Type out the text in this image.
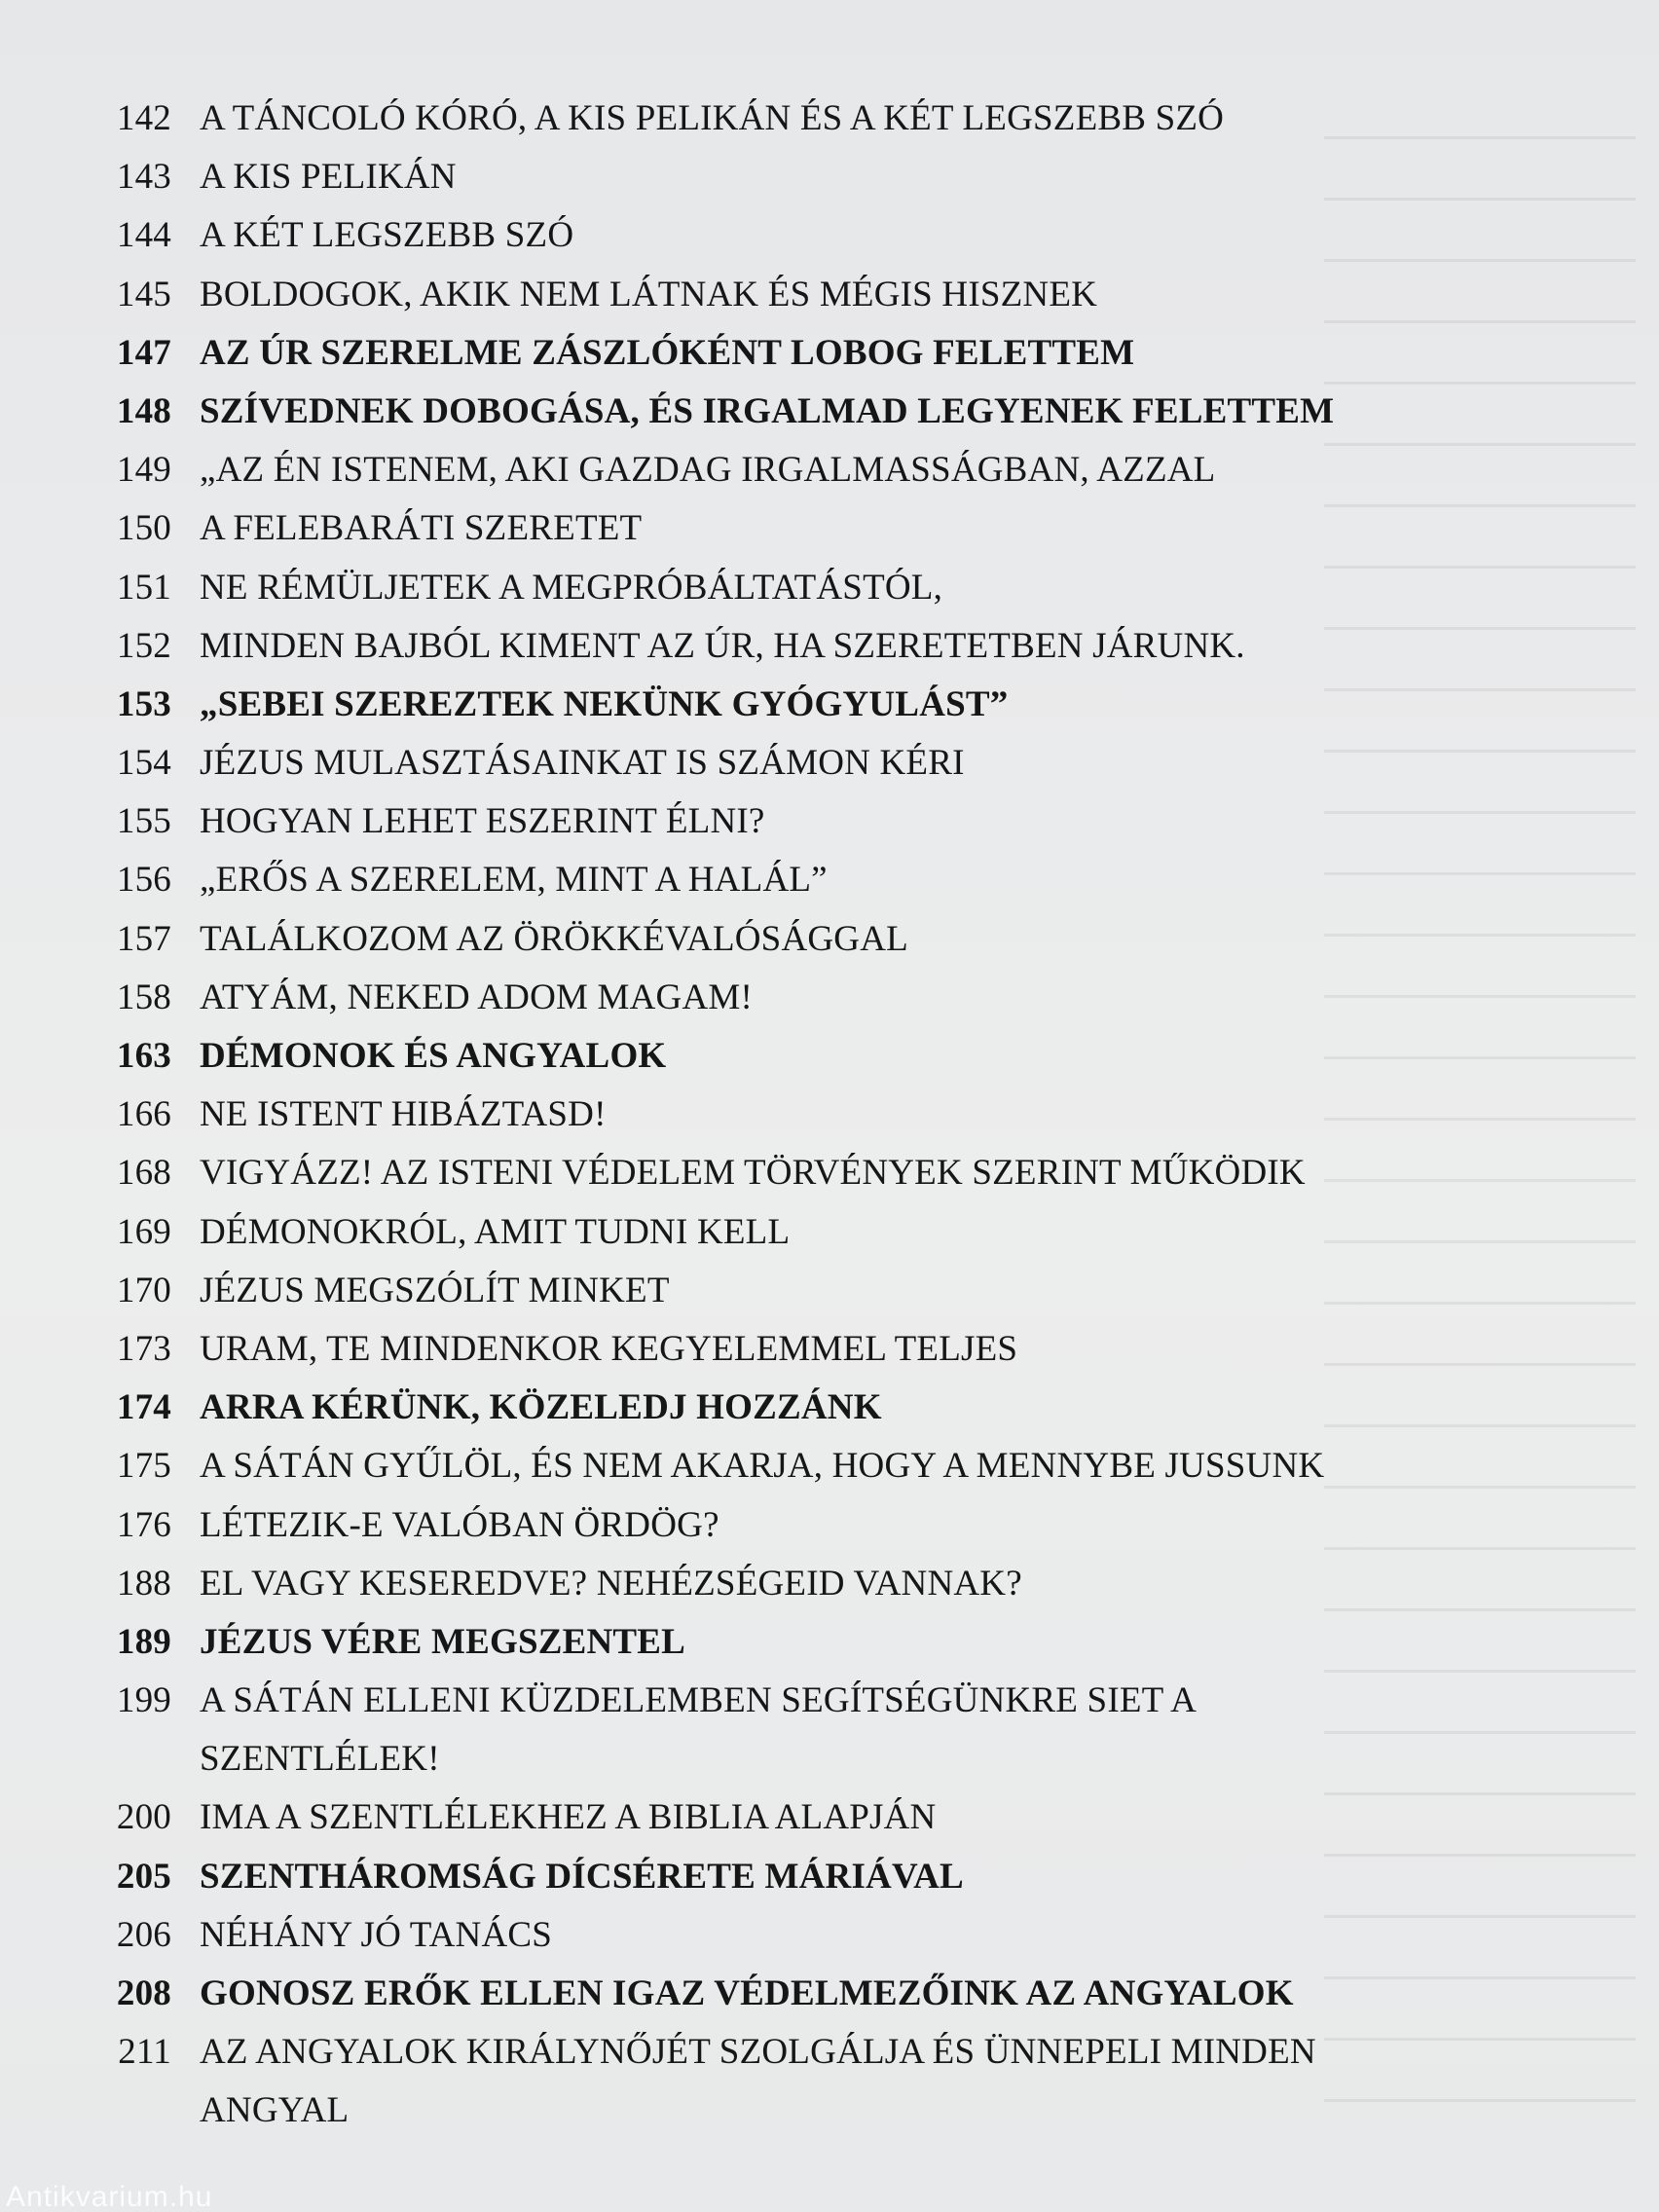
142 A TÁNCOLÓ KÓRÓ, A KIS PELIKÁN ÉS A KÉT LEGSZEBB SZÓ
143 A KIS PELIKÁN
144 A KÉT LEGSZEBB SZÓ
145 BOLDOGOK, AKIK NEM LÁTNAK ÉS MÉGIS HISZNEK
147 AZ ÚR SZERELME ZÁSZLÓKÉNT LOBOG FELETTEM
148 SZÍVEDNEK DOBOGÁSA, ÉS IRGALMAD LEGYENEK FELETTEM
149 „AZ ÉN ISTENEM, AKI GAZDAG IRGALMASSÁGBAN, AZZAL
150 A FELEBARÁTI SZERETET
151 NE RÉMÜLJETEK A MEGPRÓBÁLTATÁSTÓL,
152 MINDEN BAJBÓL KIMENT AZ ÚR, HA SZERETETBEN JÁRUNK.
153 „SEBEI SZEREZTEK NEKÜNK GYÓGYULÁST”
154 JÉZUS MULASZTÁSAINKAT IS SZÁMON KÉRI
155 HOGYAN LEHET ESZERINT ÉLNI?
156 „ERŐS A SZERELEM, MINT A HALÁL”
157 TALÁLKOZOM AZ ÖRÖKKÉVALÓSÁGGAL
158 ATYÁM, NEKED ADOM MAGAM!
163 DÉMONOK ÉS ANGYALOK
166 NE ISTENT HIBÁZTASD!
168 VIGYÁZZ! AZ ISTENI VÉDELEM TÖRVÉNYEK SZERINT MŰKÖDIK
169 DÉMONOKRÓL, AMIT TUDNI KELL
170 JÉZUS MEGSZÓLÍT MINKET
173 URAM, TE MINDENKOR KEGYELEMMEL TELJES
174 ARRA KÉRÜNK, KÖZELEDJ HOZZÁNK
175 A SÁTÁN GYŰLÖL, ÉS NEM AKARJA, HOGY A MENNYBE JUSSUNK
176 LÉTEZIK-E VALÓBAN ÖRDÖG?
188 EL VAGY KESEREDVE? NEHÉZSÉGEID VANNAK?
189 JÉZUS VÉRE MEGSZENTEL
199 A SÁTÁN ELLENI KÜZDELEMBEN SEGÍTSÉGÜNKRE SIET A SZENTLÉLEK!
200 IMA A SZENTLÉLEKHEZ A BIBLIA ALAPJÁN
205 SZENTHÁROMSÁG DÍCSÉRETE MÁRIÁVAL
206 NÉHÁNY JÓ TANÁCS
208 GONOSZ ERŐK ELLEN IGAZ VÉDELMEZŐINK AZ ANGYALOK
211 AZ ANGYALOK KIRÁLYNŐJÉT SZOLGÁLJA ÉS ÜNNEPELI MINDEN ANGYAL
Antikvarium.hu
